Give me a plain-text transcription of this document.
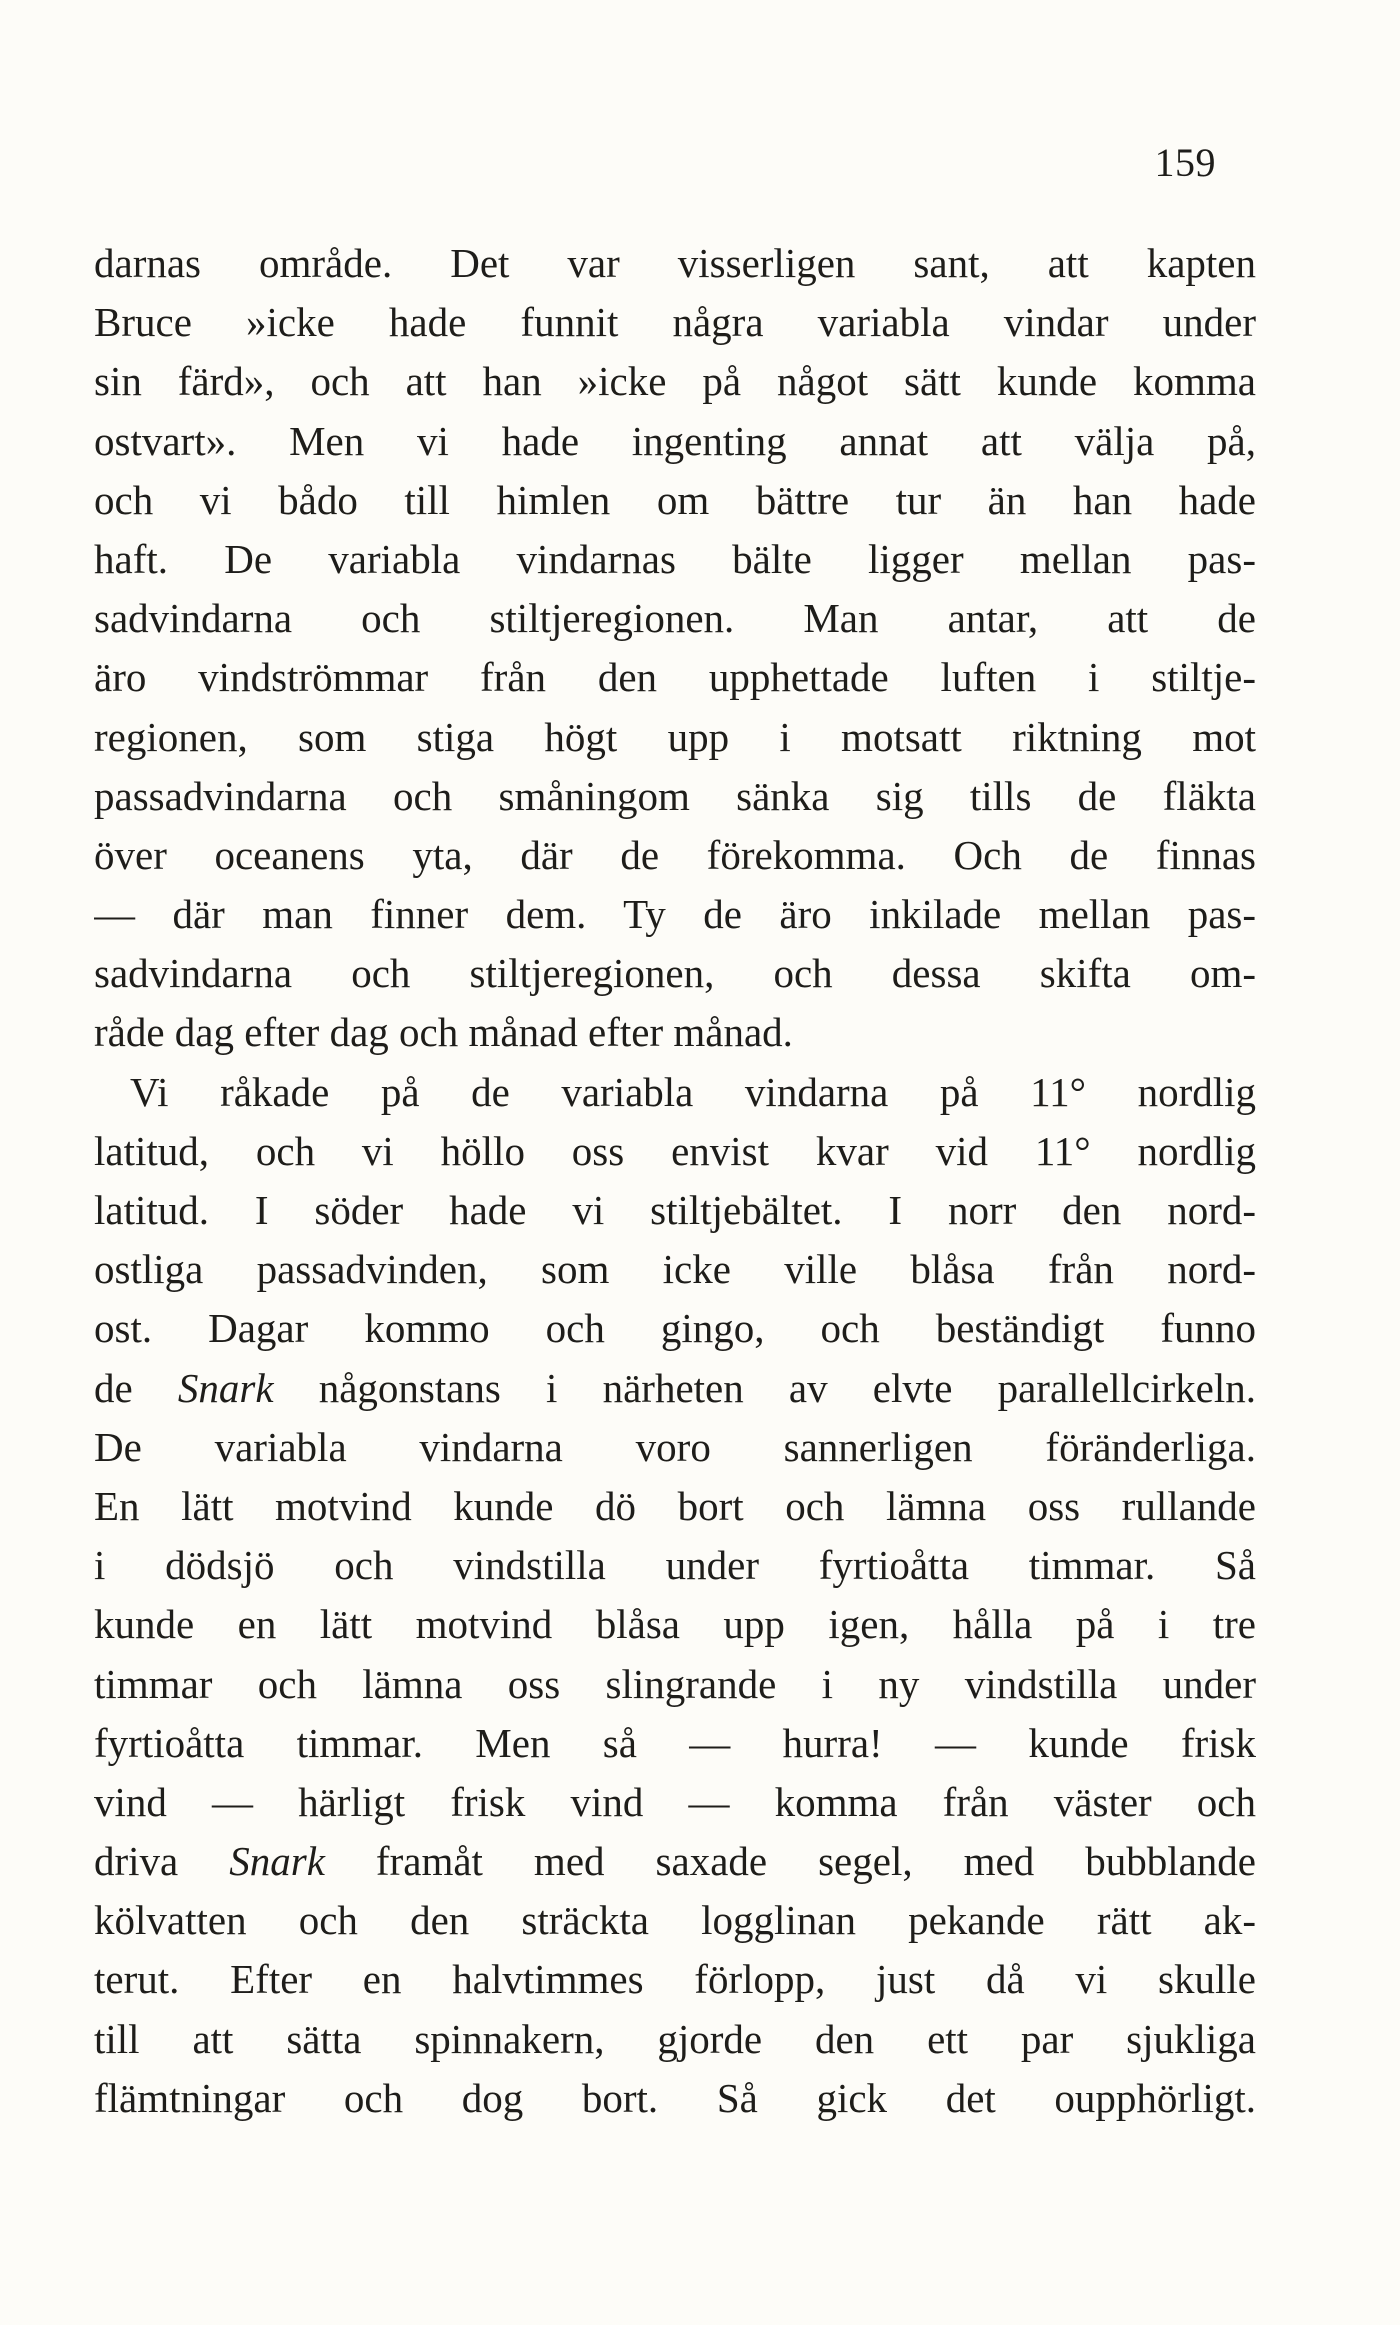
159
darnas område. Det var visserligen sant, att kapten
Bruce »icke hade funnit några variabla vindar under
sin färd», och att han »icke på något sätt kunde komma
ostvart». Men vi hade ingenting annat att välja på,
och vi bådo till himlen om bättre tur än han hade
haft. De variabla vindarnas bälte ligger mellan pas-
sadvindarna och stiltjeregionen. Man antar, att de
äro vindströmmar från den upphettade luften i stiltje-
regionen, som stiga högt upp i motsatt riktning mot
passadvindarna och småningom sänka sig tills de fläkta
över oceanens yta, där de förekomma. Och de finnas
— där man finner dem. Ty de äro inkilade mellan pas-
sadvindarna och stiltjeregionen, och dessa skifta om-
råde dag efter dag och månad efter månad.
Vi råkade på de variabla vindarna på 11° nordlig
latitud, och vi höllo oss envist kvar vid 11° nordlig
latitud. I söder hade vi stiltjebältet. I norr den nord-
ostliga passadvinden, som icke ville blåsa från nord-
ost. Dagar kommo och gingo, och beständigt funno
de Snark någonstans i närheten av elvte parallellcirkeln.
De variabla vindarna voro sannerligen föränderliga.
En lätt motvind kunde dö bort och lämna oss rullande
i dödsjö och vindstilla under fyrtioåtta timmar. Så
kunde en lätt motvind blåsa upp igen, hålla på i tre
timmar och lämna oss slingrande i ny vindstilla under
fyrtioåtta timmar. Men så — hurra! — kunde frisk
vind — härligt frisk vind — komma från väster och
driva Snark framåt med saxade segel, med bubblande
kölvatten och den sträckta logglinan pekande rätt ak-
terut. Efter en halvtimmes förlopp, just då vi skulle
till att sätta spinnakern, gjorde den ett par sjukliga
flämtningar och dog bort. Så gick det oupphörligt.
